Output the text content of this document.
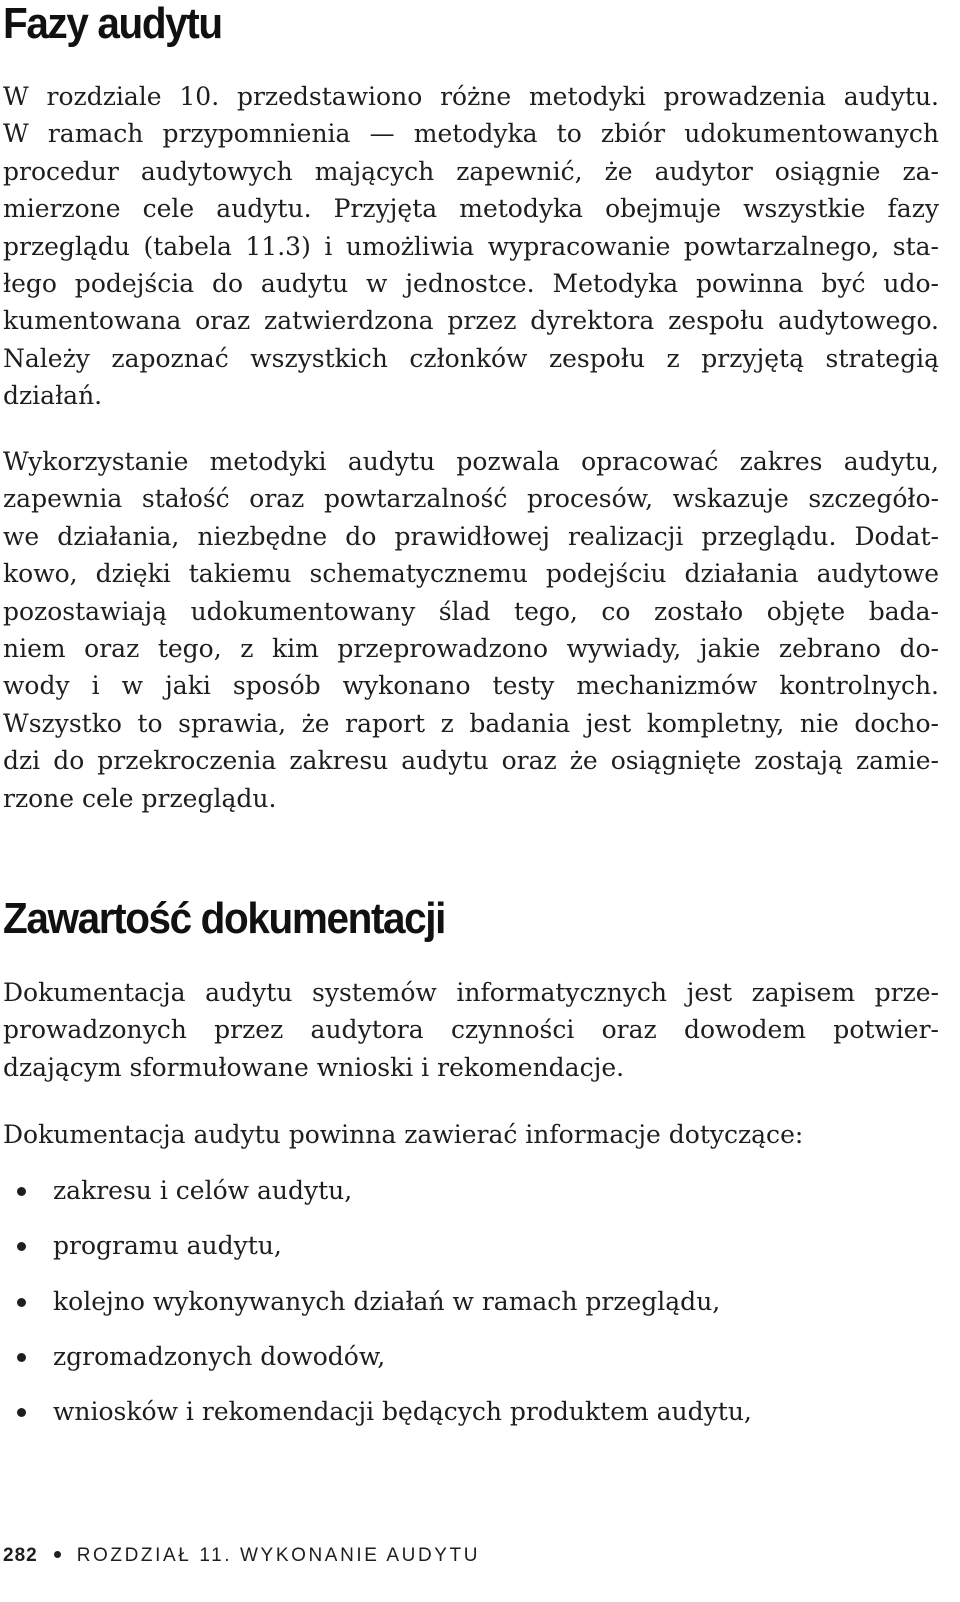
Fazy audytu

W rozdziale 10. przedstawiono różne metodyki prowadzenia audytu.
W ramach przypomnienia — metodyka to zbiór udokumentowanych
procedur audytowych mających zapewnić, że audytor osiągnie za-
mierzone cele audytu. Przyjęta metodyka obejmuje wszystkie fazy
przeglądu (tabela 11.3) i umożliwia wypracowanie powtarzalnego, sta-
łego podejścia do audytu w jednostce. Metodyka powinna być udo-
kumentowana oraz zatwierdzona przez dyrektora zespołu audytowego.
Należy zapoznać wszystkich członków zespołu z przyjętą strategią
działań.

Wykorzystanie metodyki audytu pozwala opracować zakres audytu,
zapewnia stałość oraz powtarzalność procesów, wskazuje szczegóło-
we działania, niezbędne do prawidłowej realizacji przeglądu. Dodat-
kowo, dzięki takiemu schematycznemu podejściu działania audytowe
pozostawiają udokumentowany ślad tego, co zostało objęte bada-
niem oraz tego, z kim przeprowadzono wywiady, jakie zebrano do-
wody i w jaki sposób wykonano testy mechanizmów kontrolnych.
Wszystko to sprawia, że raport z badania jest kompletny, nie docho-
dzi do przekroczenia zakresu audytu oraz że osiągnięte zostają zamie-
rzone cele przeglądu.

Zawartość dokumentacji

Dokumentacja audytu systemów informatycznych jest zapisem prze-
prowadzonych przez audytora czynności oraz dowodem potwier-
dzającym sformułowane wnioski i rekomendacje.

Dokumentacja audytu powinna zawierać informacje dotyczące:

zakresu i celów audytu,
programu audytu,
kolejno wykonywanych działań w ramach przeglądu,
zgromadzonych dowodów,
wniosków i rekomendacji będących produktem audytu,
282 ROZDZIAŁ 11. WYKONANIE AUDYTU
